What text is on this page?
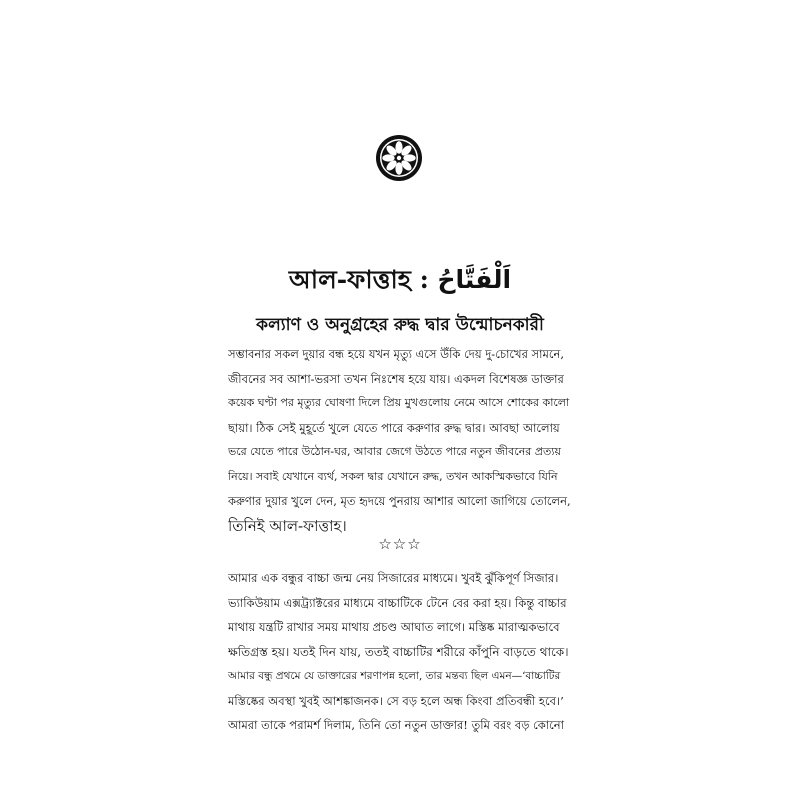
আল-ফাত্তাহ : اَلْفَتَّاحُ
কল্যাণ ও অনুগ্রহের রুদ্ধ দ্বার উন্মোচনকারী
সম্ভাবনার সকল দুয়ার বন্ধ হয়ে যখন মৃত্যু এসে উঁকি দেয় দু-চোখের সামনে,
জীবনের সব আশা-ভরসা তখন নিঃশেষ হয়ে যায়। একদল বিশেষজ্ঞ ডাক্তার
কয়েক ঘণ্টা পর মৃত্যুর ঘোষণা দিলে প্রিয় মুখগুলোয় নেমে আসে শোকের কালো
ছায়া। ঠিক সেই মুহূর্তে খুলে যেতে পারে করুণার রুদ্ধ দ্বার। আবছা আলোয়
ভরে যেতে পারে উঠোন-ঘর, আবার জেগে উঠতে পারে নতুন জীবনের প্রত্যয়
নিয়ে। সবাই যেখানে ব্যর্থ, সকল দ্বার যেখানে রুদ্ধ, তখন আকস্মিকভাবে যিনি
করুণার দুয়ার খুলে দেন, মৃত হৃদয়ে পুনরায় আশার আলো জাগিয়ে তোলেন,
তিনিই আল-ফাত্তাহ।
☆☆☆
আমার এক বন্ধুর বাচ্চা জন্ম নেয় সিজারের মাধ্যমে। খুবই ঝুঁকিপূর্ণ সিজার।
ভ্যাকিউয়াম এক্সট্র্যাক্টরের মাধ্যমে বাচ্চাটিকে টেনে বের করা হয়। কিন্তু বাচ্চার
মাথায় যন্ত্রটি রাখার সময় মাথায় প্রচণ্ড আঘাত লাগে। মস্তিষ্ক মারাত্মকভাবে
ক্ষতিগ্রস্ত হয়। যতই দিন যায়, ততই বাচ্চাটির শরীরে কাঁপুনি বাড়তে থাকে।
আমার বন্ধু প্রথমে যে ডাক্তারের শরণাপন্ন হলো, তার মন্তব্য ছিল এমন—‘বাচ্চাটির
মস্তিষ্কের অবস্থা খুবই আশঙ্কাজনক। সে বড় হলে অন্ধ কিংবা প্রতিবন্ধী হবে।’
আমরা তাকে পরামর্শ দিলাম, তিনি তো নতুন ডাক্তার! তুমি বরং বড় কোনো
